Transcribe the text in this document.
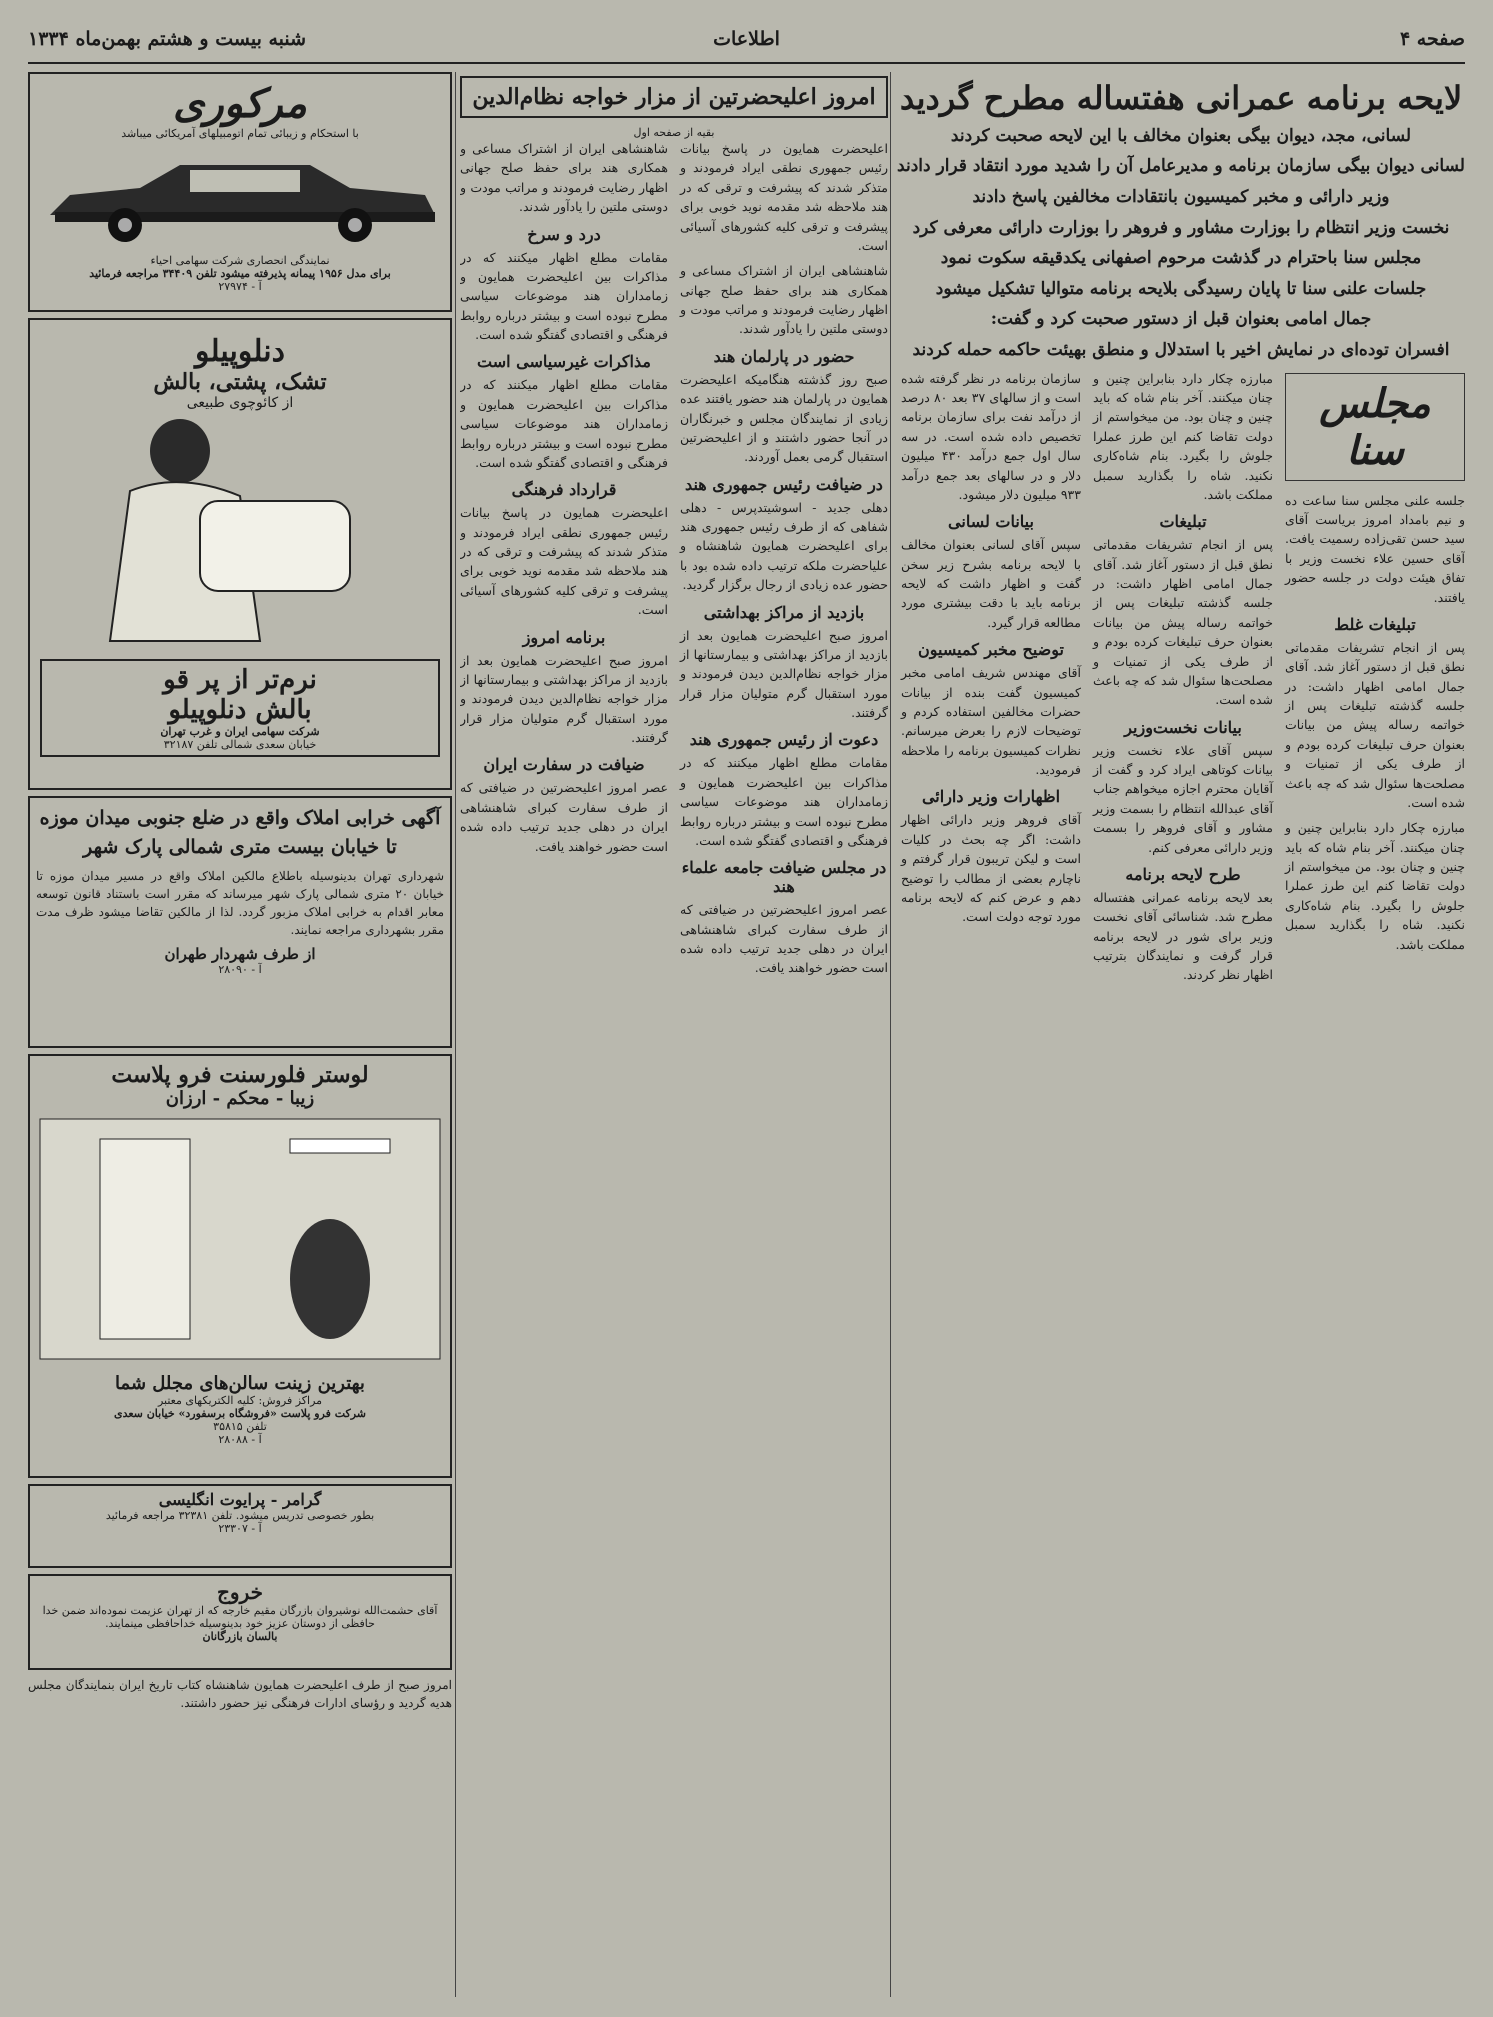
صفحه ۴
اطلاعات
شنبه بیست و هشتم بهمن‌ماه ۱۳۳۴
لایحه برنامه عمرانی هفتساله مطرح گردید
لسانی، مجد، دیوان بیگی بعنوان مخالف با این لایحه صحبت کردند
لسانی دیوان بیگی سازمان برنامه و مدیرعامل آن‌ را شدید مورد انتقاد قرار دادند
وزیر دارائی و مخبر کمیسیون بانتقادات مخالفین پاسخ دادند
نخست وزیر انتظام را بوزارت مشاور و فروهر را بوزارت دارائی معرفی کرد
مجلس سنا باحترام در گذشت مرحوم اصفهانی یکدقیقه سکوت نمود
جلسات علنی سنا تا پایان رسیدگی بلایحه برنامه متوالیا تشکیل میشود
جمال امامی بعنوان قبل از دستور صحبت کرد و گفت:
افسران توده‌ای در نمایش اخیر با استدلال و منطق بهیئت حاکمه حمله کردند
مجلس سنا

جلسه علنی مجلس سنا ساعت ده و نیم بامداد امروز بریاست آقای سید حسن تقی‌زاده رسمیت یافت. آقای حسین علاء نخست وزیر با تفاق هیئت دولت در جلسه حضور یافتند.

تبلیغات غلط

پس از انجام تشریفات مقدماتی نطق قبل از دستور آغاز شد. آقای جمال امامی اظهار داشت: در جلسه گذشته تبلیغات پس از خواتمه رساله پیش من بیانات بعنوان حرف تبلیغات کرده بودم و از طرف یکی از تمنیات و مصلحت‌ها سئوال شد که چه باعث شده است.

مبارزه چکار دارد بنابراین چنین و چنان میکنند. آخر بنام شاه که باید چنین و چنان بود. من میخواستم از دولت تقاضا کنم این طرز عملرا جلوش را بگیرد. بنام شاه‌کاری نکنید. شاه را بگذارید سمبل مملکت باشد.

مبارزه چکار دارد بنابراین چنین و چنان میکنند. آخر بنام شاه که باید چنین و چنان بود. من میخواستم از دولت تقاضا کنم این طرز عملرا جلوش را بگیرد. بنام شاه‌کاری نکنید. شاه را بگذارید سمبل مملکت باشد.

تبلیغات

پس از انجام تشریفات مقدماتی نطق قبل از دستور آغاز شد. آقای جمال امامی اظهار داشت: در جلسه گذشته تبلیغات پس از خواتمه رساله پیش من بیانات بعنوان حرف تبلیغات کرده بودم و از طرف یکی از تمنیات و مصلحت‌ها سئوال شد که چه باعث شده است.

بیانات نخست‌وزیر

سپس آقای علاء نخست وزیر بیانات کوتاهی ایراد کرد و گفت از آقایان محترم اجازه میخواهم جناب آقای عبدالله انتظام را بسمت وزیر مشاور و آقای فروهر را بسمت وزیر دارائی معرفی کنم.

طرح لایحه برنامه

بعد لایحه برنامه عمرانی هفتساله مطرح شد. شناسائی آقای نخست وزیر برای شور در لایحه برنامه قرار گرفت و نمایندگان بترتیب اظهار نظر کردند.

سازمان برنامه در نظر گرفته شده است و از سالهای ۳۷ بعد ۸۰ درصد از درآمد نفت برای سازمان برنامه تخصیص داده شده است. در سه سال اول جمع درآمد ۴۳۰ میلیون دلار و در سالهای بعد جمع درآمد ۹۳۳ میلیون دلار میشود.

بیانات لسانی

سپس آقای لسانی بعنوان مخالف با لایحه برنامه بشرح زیر سخن گفت و اظهار داشت که لایحه برنامه باید با دقت بیشتری مورد مطالعه قرار گیرد.

توضیح مخبر کمیسیون

آقای مهندس شریف امامی مخبر کمیسیون گفت بنده از بیانات حضرات مخالفین استفاده کردم و توضیحات لازم را بعرض میرسانم. نظرات کمیسیون برنامه را ملاحظه فرمودید.

اظهارات وزیر دارائی

آقای فروهر وزیر دارائی اظهار داشت: اگر چه بحث در کلیات است و لیکن تریبون قرار گرفتم و ناچارم بعضی از مطالب را توضیح دهم و عرض کنم که لایحه برنامه مورد توجه دولت است.

امروز اعلیحضرتین از مزار خواجه نظام‌الدین
بقیه از صفحه اول

اعلیحضرت همایون در پاسخ بیانات رئیس جمهوری نطقی ایراد فرمودند و متذکر شدند که پیشرفت و ترقی که در هند ملاحظه شد مقدمه نوید خوبی برای پیشرفت و ترقی کلیه کشورهای آسیائی است.

شاهنشاهی ایران از اشتراک مساعی و همکاری هند برای حفظ صلح جهانی اظهار رضایت فرمودند و مراتب مودت و دوستی ملتین را یادآور شدند.

حضور در پارلمان هند

صبح روز گذشته هنگامیکه اعلیحضرت همایون در پارلمان هند حضور یافتند عده زیادی از نمایندگان مجلس و خبرنگاران در آنجا حضور داشتند و از اعلیحضرتین استقبال گرمی بعمل آوردند.

در ضیافت رئیس جمهوری هند

دهلی جدید - اسوشیتدپرس - دهلی شفاهی که از طرف رئیس جمهوری هند برای اعلیحضرت همایون شاهنشاه و علیاحضرت ملکه ترتیب داده شده بود با حضور عده زیادی از رجال برگزار گردید.

بازدید از مراکز بهداشتی

امروز صبح اعلیحضرت همایون بعد از بازدید از مراکز بهداشتی و بیمارستانها از مزار خواجه نظام‌الدین دیدن فرمودند و مورد استقبال گرم متولیان مزار قرار گرفتند.

دعوت از رئیس جمهوری هند

مقامات مطلع اظهار میکنند که در مذاکرات بین اعلیحضرت همایون و زمامداران هند موضوعات سیاسی مطرح نبوده است و بیشتر درباره روابط فرهنگی و اقتصادی گفتگو شده است.

در مجلس ضیافت جامعه علماء هند

عصر امروز اعلیحضرتین در ضیافتی که از طرف سفارت کبرای شاهنشاهی ایران در دهلی جدید ترتیب داده شده است حضور خواهند یافت.

شاهنشاهی ایران از اشتراک مساعی و همکاری هند برای حفظ صلح جهانی اظهار رضایت فرمودند و مراتب مودت و دوستی ملتین را یادآور شدند.

درد و سرخ

مقامات مطلع اظهار میکنند که در مذاکرات بین اعلیحضرت همایون و زمامداران هند موضوعات سیاسی مطرح نبوده است و بیشتر درباره روابط فرهنگی و اقتصادی گفتگو شده است.

مذاکرات غیرسیاسی است

مقامات مطلع اظهار میکنند که در مذاکرات بین اعلیحضرت همایون و زمامداران هند موضوعات سیاسی مطرح نبوده است و بیشتر درباره روابط فرهنگی و اقتصادی گفتگو شده است.

قرارداد فرهنگی

اعلیحضرت همایون در پاسخ بیانات رئیس جمهوری نطقی ایراد فرمودند و متذکر شدند که پیشرفت و ترقی که در هند ملاحظه شد مقدمه نوید خوبی برای پیشرفت و ترقی کلیه کشورهای آسیائی است.

برنامه امروز

امروز صبح اعلیحضرت همایون بعد از بازدید از مراکز بهداشتی و بیمارستانها از مزار خواجه نظام‌الدین دیدن فرمودند و مورد استقبال گرم متولیان مزار قرار گرفتند.

ضیافت در سفارت ایران

عصر امروز اعلیحضرتین در ضیافتی که از طرف سفارت کبرای شاهنشاهی ایران در دهلی جدید ترتیب داده شده است حضور خواهند یافت.

مرکوری
با استحکام و زیبائی تمام اتومبیلهای آمریکائی میباشد
نمایندگی انحصاری شرکت سهامی احیاء
برای مدل ۱۹۵۶ پیمانه پذیرفته میشود تلفن ۳۴۴۰۹ مراجعه فرمائید
آ - ۲۷۹۷۴
دنلوپیلو
تشک، پشتی، بالش
از کائوچوی طبیعی
نرم‌تر از پر قو
بالش دنلوپیلو
شرکت سهامی ایران و غرب تهران
خیابان سعدی شمالی تلفن ۳۲۱۸۷
آگهی خرابی املاک واقع در ضلع جنوبی میدان موزه تا خیابان بیست متری شمالی پارک شهر

شهرداری تهران بدینوسیله باطلاع مالکین املاک واقع در مسیر میدان موزه تا خیابان ۲۰ متری شمالی پارک شهر میرساند که مقرر است باستناد قانون توسعه معابر اقدام به خرابی املاک مزبور گردد. لذا از مالکین تقاضا میشود ظرف مدت مقرر بشهرداری مراجعه نمایند.

از طرف شهردار طهران
آ - ۲۸۰۹۰
لوستر فلورسنت فرو پلاست
زیبا - محکم - ارزان
بهترین زینت سالن‌های مجلل شما
مراکز فروش: کلیه الکتریکهای معتبر
شرکت فرو پلاست «فروشگاه برسفورد» خیابان سعدی
تلفن ۳۵۸۱۵
آ - ۲۸۰۸۸
گرامر - پرایوت انگلیسی
بطور خصوصی تدریس میشود. تلفن ۳۲۳۸۱ مراجعه فرمائید
آ - ۲۳۳۰۷
خروج
آقای حشمت‌الله نوشیروان بازرگان مقیم خارجه که از تهران عزیمت نموده‌اند ضمن خدا حافظی از دوستان عزیز خود بدینوسیله خداحافظی مینمایند.
بالسان بازرگانان

امروز صبح از طرف اعلیحضرت همایون شاهنشاه کتاب تاریخ ایران بنمایندگان مجلس هدیه گردید و رؤسای ادارات فرهنگی نیز حضور داشتند.
